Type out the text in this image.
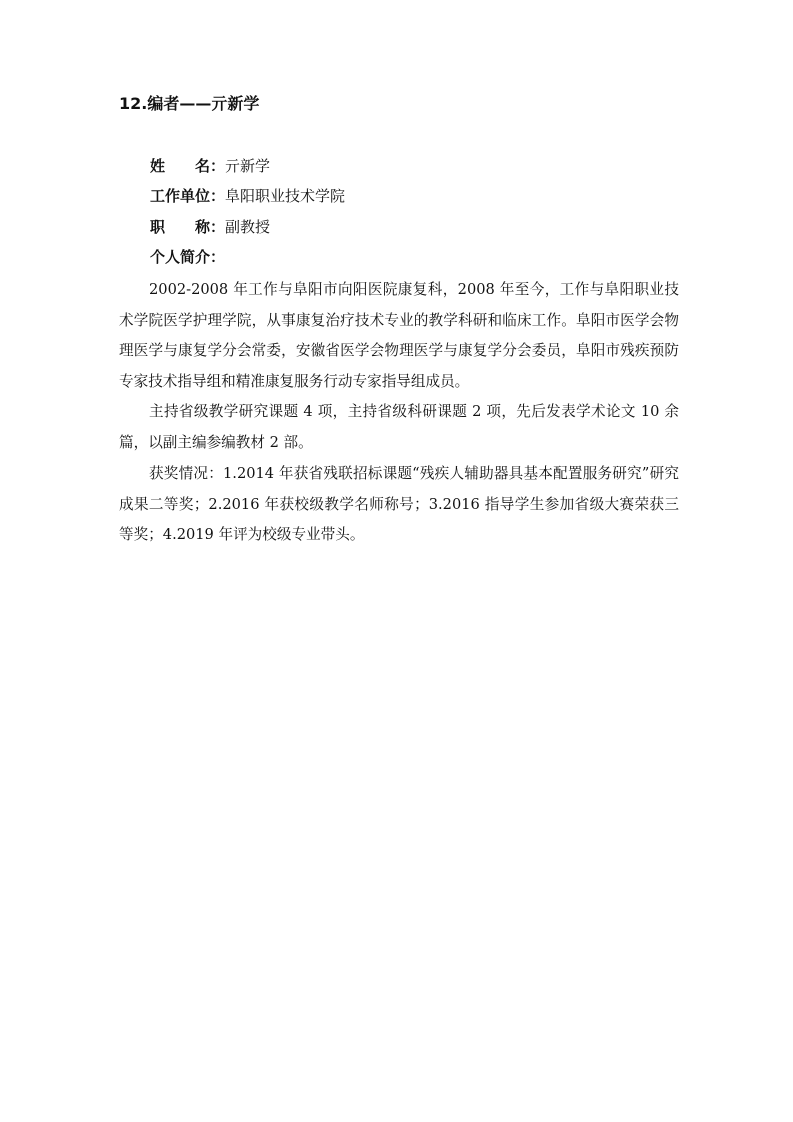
12.编者——亓新学
姓　　名：亓新学
工作单位：阜阳职业技术学院
职　　称：副教授
个人简介：

2002-2008 年工作与阜阳市向阳医院康复科，2008 年至今，工作与阜阳职业技术学院医学护理学院，从事康复治疗技术专业的教学科研和临床工作。阜阳市医学会物理医学与康复学分会常委，安徽省医学会物理医学与康复学分会委员，阜阳市残疾预防专家技术指导组和精准康复服务行动专家指导组成员。

主持省级教学研究课题 4 项，主持省级科研课题 2 项，先后发表学术论文 10 余篇，以副主编参编教材 2 部。

获奖情况：1.2014 年获省残联招标课题“残疾人辅助器具基本配置服务研究”研究成果二等奖；2.2016 年获校级教学名师称号；3.2016 指导学生参加省级大赛荣获三等奖；4.2019 年评为校级专业带头。
